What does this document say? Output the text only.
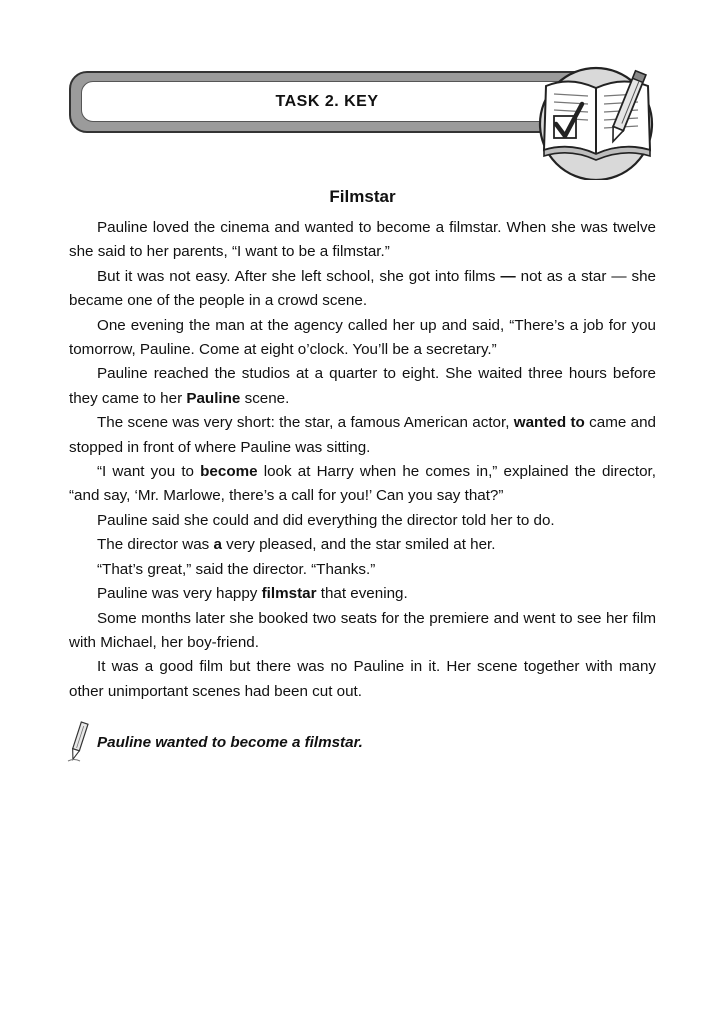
TASK 2. KEY
Filmstar

Pauline loved the cinema and wanted to become a filmstar. When she was twelve she said to her parents, “I want to be a filmstar.”

But it was not easy. After she left school, she got into films — not as a star — she became one of the people in a crowd scene.

One evening the man at the agency called her up and said, “There’s a job for you tomorrow, Pauline. Come at eight o’clock. You’ll be a secretary.”

Pauline reached the studios at a quarter to eight. She waited three hours before they came to her Pauline scene.

The scene was very short: the star, a famous American actor, wanted to came and stopped in front of where Pauline was sitting.

“I want you to become look at Harry when he comes in,” explained the director, “and say, ‘Mr. Marlowe, there’s a call for you!’ Can you say that?”

Pauline said she could and did everything the director told her to do.

The director was a very pleased, and the star smiled at her.

“That’s great,” said the director. “Thanks.”

Pauline was very happy filmstar that evening.

Some months later she booked two seats for the premiere and went to see her film with Michael, her boy-friend.

It was a good film but there was no Pauline in it. Her scene together with many other unimportant scenes had been cut out.

Pauline wanted to become a filmstar.
